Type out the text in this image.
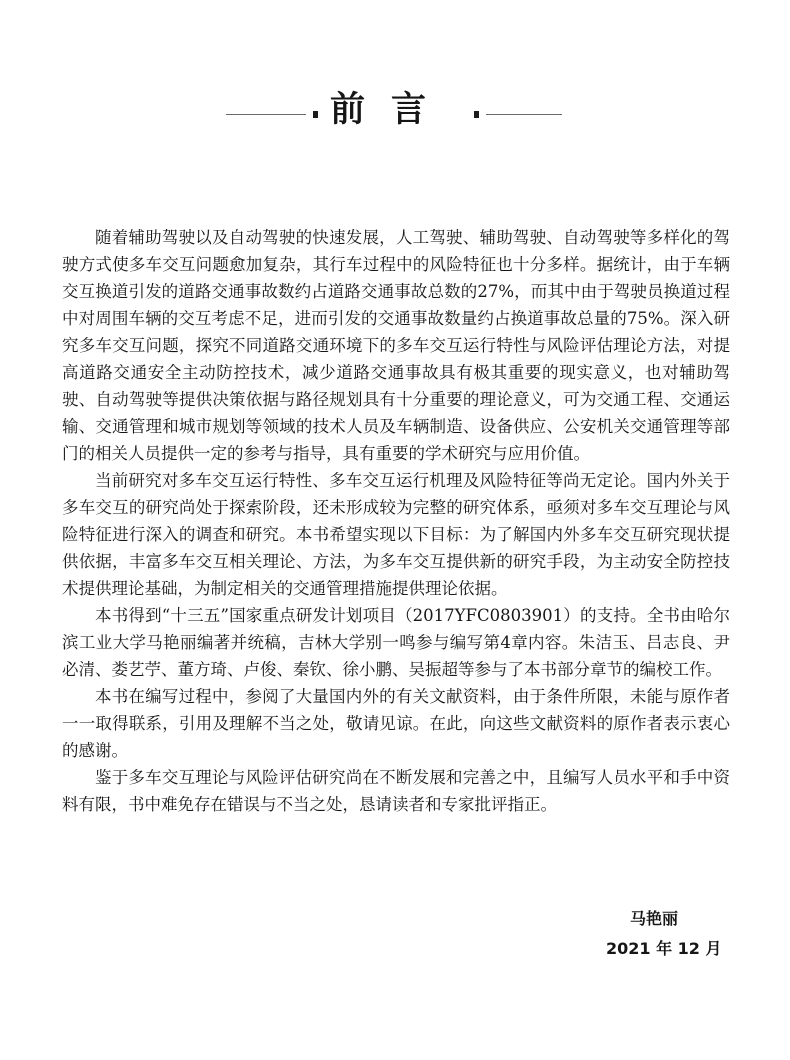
前言

随着辅助驾驶以及自动驾驶的快速发展，人工驾驶、辅助驾驶、自动驾驶等多样化的驾驶方式使多车交互问题愈加复杂，其行车过程中的风险特征也十分多样。据统计，由于车辆交互换道引发的道路交通事故数约占道路交通事故总数的27%，而其中由于驾驶员换道过程中对周围车辆的交互考虑不足，进而引发的交通事故数量约占换道事故总量的75%。深入研究多车交互问题，探究不同道路交通环境下的多车交互运行特性与风险评估理论方法，对提高道路交通安全主动防控技术，减少道路交通事故具有极其重要的现实意义，也对辅助驾驶、自动驾驶等提供决策依据与路径规划具有十分重要的理论意义，可为交通工程、交通运输、交通管理和城市规划等领域的技术人员及车辆制造、设备供应、公安机关交通管理等部门的相关人员提供一定的参考与指导，具有重要的学术研究与应用价值。

当前研究对多车交互运行特性、多车交互运行机理及风险特征等尚无定论。国内外关于多车交互的研究尚处于探索阶段，还未形成较为完整的研究体系，亟须对多车交互理论与风险特征进行深入的调查和研究。本书希望实现以下目标：为了解国内外多车交互研究现状提供依据，丰富多车交互相关理论、方法，为多车交互提供新的研究手段，为主动安全防控技术提供理论基础，为制定相关的交通管理措施提供理论依据。

本书得到“十三五”国家重点研发计划项目（2017YFC0803901）的支持。全书由哈尔滨工业大学马艳丽编著并统稿，吉林大学别一鸣参与编写第4章内容。朱洁玉、吕志良、尹必清、娄艺苧、董方琦、卢俊、秦钦、徐小鹏、吴振超等参与了本书部分章节的编校工作。

本书在编写过程中，参阅了大量国内外的有关文献资料，由于条件所限，未能与原作者一一取得联系，引用及理解不当之处，敬请见谅。在此，向这些文献资料的原作者表示衷心的感谢。

鉴于多车交互理论与风险评估研究尚在不断发展和完善之中，且编写人员水平和手中资料有限，书中难免存在错误与不当之处，恳请读者和专家批评指正。

马艳丽
2021 年 12 月
